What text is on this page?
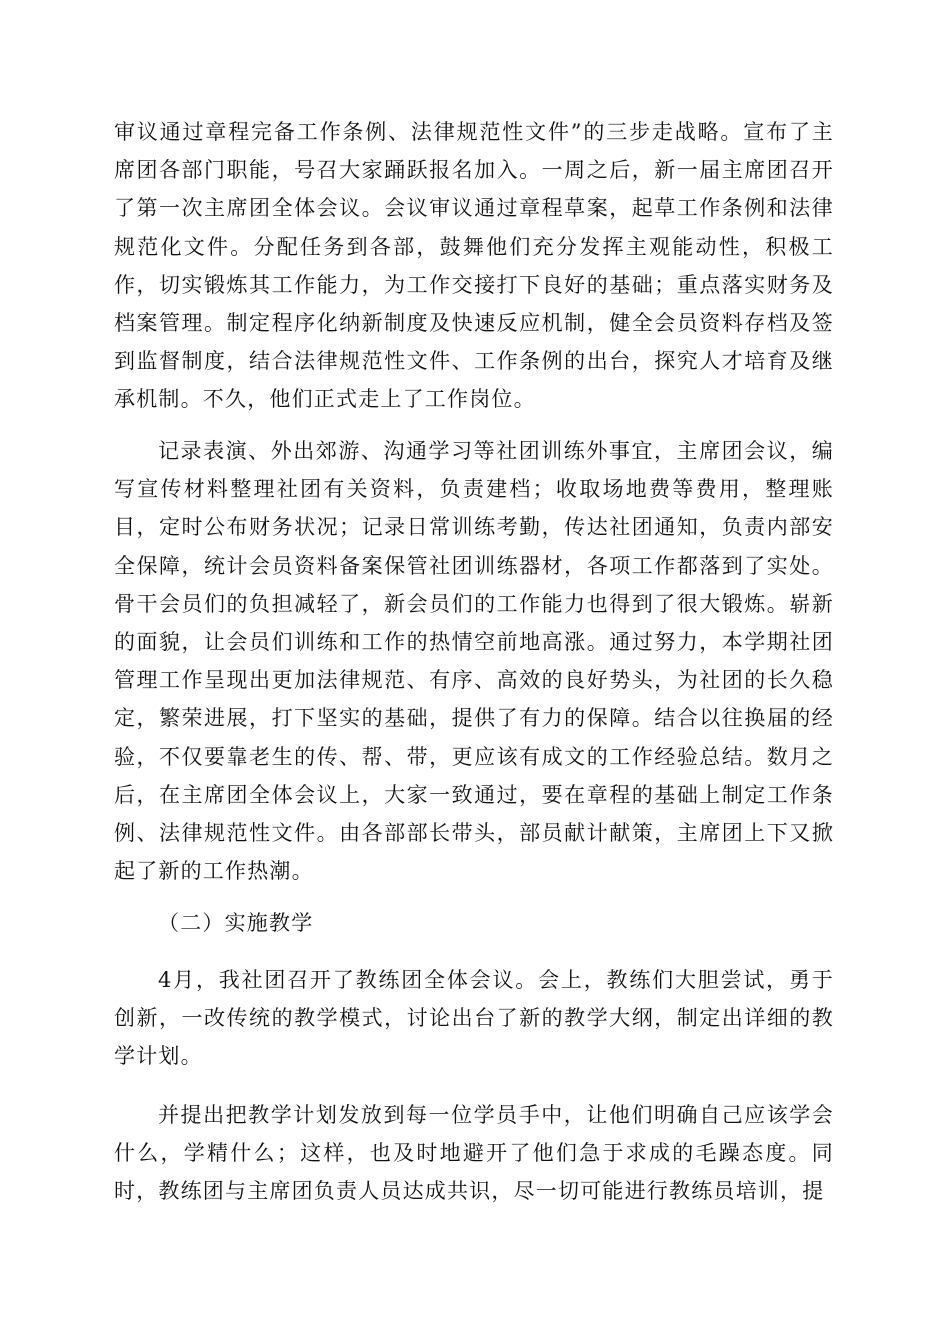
审议通过章程完备工作条例、法律规范性文件”的三步走战略。宣布了主席团各部门职能，号召大家踊跃报名加入。一周之后，新一届主席团召开了第一次主席团全体会议。会议审议通过章程草案，起草工作条例和法律规范化文件。分配任务到各部，鼓舞他们充分发挥主观能动性，积极工作，切实锻炼其工作能力，为工作交接打下良好的基础；重点落实财务及档案管理。制定程序化纳新制度及快速反应机制，健全会员资料存档及签到监督制度，结合法律规范性文件、工作条例的出台，探究人才培育及继承机制。不久，他们正式走上了工作岗位。

记录表演、外出郊游、沟通学习等社团训练外事宜，主席团会议，编写宣传材料整理社团有关资料，负责建档；收取场地费等费用，整理账目，定时公布财务状况；记录日常训练考勤，传达社团通知，负责内部安全保障，统计会员资料备案保管社团训练器材，各项工作都落到了实处。骨干会员们的负担减轻了，新会员们的工作能力也得到了很大锻炼。崭新的面貌，让会员们训练和工作的热情空前地高涨。通过努力，本学期社团管理工作呈现出更加法律规范、有序、高效的良好势头，为社团的长久稳定，繁荣进展，打下坚实的基础，提供了有力的保障。结合以往换届的经验，不仅要靠老生的传、帮、带，更应该有成文的工作经验总结。数月之后，在主席团全体会议上，大家一致通过，要在章程的基础上制定工作条例、法律规范性文件。由各部部长带头，部员献计献策，主席团上下又掀起了新的工作热潮。

（二）实施教学

4月，我社团召开了教练团全体会议。会上，教练们大胆尝试，勇于创新，一改传统的教学模式，讨论出台了新的教学大纲，制定出详细的教学计划。

并提出把教学计划发放到每一位学员手中，让他们明确自己应该学会什么，学精什么；这样，也及时地避开了他们急于求成的毛躁态度。同时，教练团与主席团负责人员达成共识，尽一切可能进行教练员培训，提
